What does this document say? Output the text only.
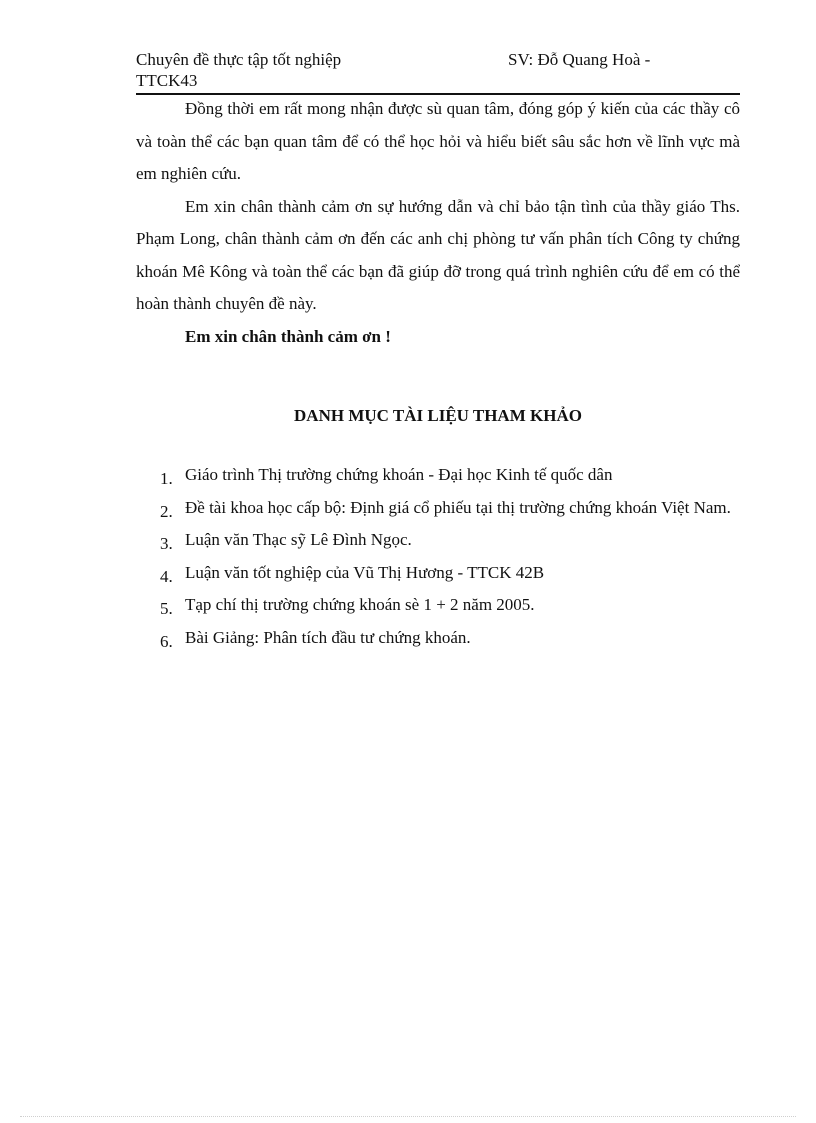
Chuyên đề thực tập tốt nghiệp
TTCK43
SV: Đỗ Quang Hoà -

Đồng thời em rất mong nhận được sù quan tâm, đóng góp ý kiến của các thầy cô và toàn thể các bạn quan tâm để có thể học hỏi và hiểu biết sâu sắc hơn về lĩnh vực mà em nghiên cứu.

Em xin chân thành cảm ơn sự hướng dẫn và chỉ bảo tận tình của thầy giáo Ths. Phạm Long, chân thành cảm ơn đến các anh chị phòng tư vấn phân tích Công ty chứng khoán Mê Kông và toàn thể các bạn đã giúp đỡ trong quá trình nghiên cứu để em có thể hoàn thành chuyên đề này.

Em xin chân thành cảm ơn !

DANH MỤC TÀI LIỆU THAM KHẢO
1. Giáo trình Thị trường chứng khoán - Đại học Kinh tế quốc dân
2. Đề tài khoa học cấp bộ: Định giá cổ phiếu tại thị trường chứng khoán Việt Nam.
3. Luận văn Thạc sỹ Lê Đình Ngọc.
4. Luận văn tốt nghiệp của Vũ Thị Hương - TTCK 42B
5. Tạp chí thị trường chứng khoán sè 1 + 2 năm 2005.
6. Bài Giảng: Phân tích đầu tư chứng khoán.
